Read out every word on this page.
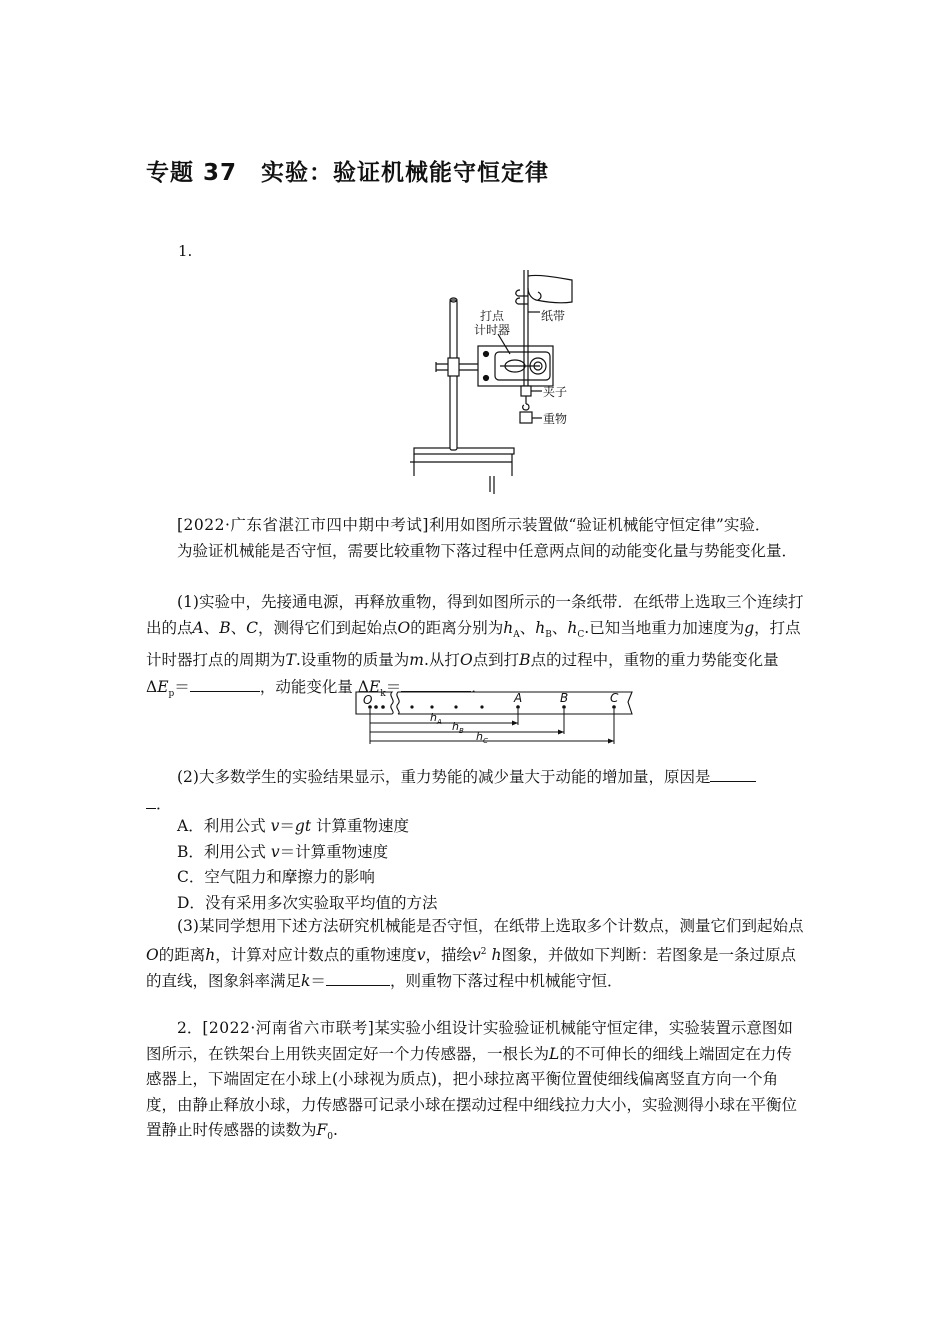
专题 37　实验：验证机械能守恒定律
1.
打点
计时器
纸带
夹子
重物
[2022·广东省湛江市四中期中考试]利用如图所示装置做“验证机械能守恒定律”实验．
为验证机械能是否守恒，需要比较重物下落过程中任意两点间的动能变化量与势能变化量．
(1)实验中，先接通电源，再释放重物，得到如图所示的一条纸带．在纸带上选取三个连续打出的点A、B、C，测得它们到起始点O的距离分别为$h_A$、$h_B$、$h_C$.已知当地重力加速度为g，打点计时器打点的周期为T.设重物的质量为m.从打O点到打B点的过程中，重物的重力势能变化量 $\Delta E_p=$	，动能变化量 $\Delta E_k=$	．
O	A	B	C
$h_A$ $h_B$ $h_C$
(2)大多数学生的实验结果显示，重力势能的减少量大于动能的增加量，原因是
．
A．利用公式 v＝gt 计算重物速度
B．利用公式 v＝计算重物速度
C．空气阻力和摩擦力的影响
D．没有采用多次实验取平均值的方法
(3)某同学想用下述方法研究机械能是否守恒，在纸带上选取多个计数点，测量它们到起始点O的距离h，计算对应计数点的重物速度v，描绘$v^2$ h图象，并做如下判断：若图象是一条过原点的直线，图象斜率满足k＝	，则重物下落过程中机械能守恒．
2．[2022·河南省六市联考]某实验小组设计实验验证机械能守恒定律，实验装置示意图如图所示，在铁架台上用铁夹固定好一个力传感器，一根长为L的不可伸长的细线上端固定在力传感器上，下端固定在小球上(小球视为质点)，把小球拉离平衡位置使细线偏离竖直方向一个角度，由静止释放小球，力传感器可记录小球在摆动过程中细线拉力大小，实验测得小球在平衡位置静止时传感器的读数为$F_0$.
